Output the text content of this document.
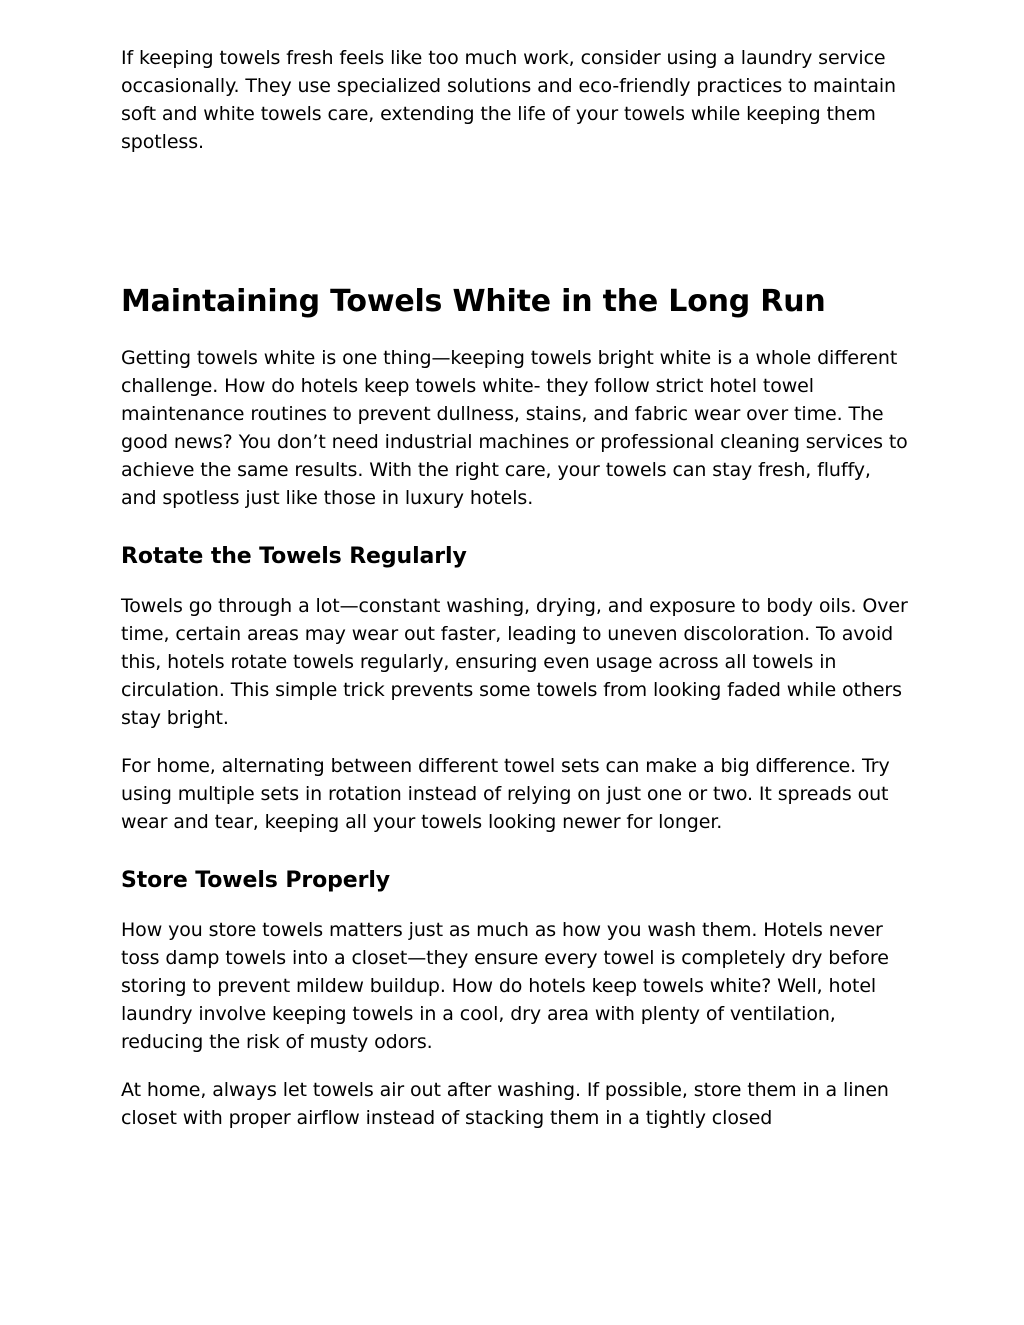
If keeping towels fresh feels like too much work, consider using a laundry service occasionally. They use specialized solutions and eco-friendly practices to maintain soft and white towels care, extending the life of your towels while keeping them spotless.

Maintaining Towels White in the Long Run

Getting towels white is one thing—keeping towels bright white is a whole different challenge. How do hotels keep towels white- they follow strict hotel towel maintenance routines to prevent dullness, stains, and fabric wear over time. The good news? You don’t need industrial machines or professional cleaning services to achieve the same results. With the right care, your towels can stay fresh, fluffy, and spotless just like those in luxury hotels.

Rotate the Towels Regularly

Towels go through a lot—constant washing, drying, and exposure to body oils. Over time, certain areas may wear out faster, leading to uneven discoloration. To avoid this, hotels rotate towels regularly, ensuring even usage across all towels in circulation. This simple trick prevents some towels from looking faded while others stay bright.

For home, alternating between different towel sets can make a big difference. Try using multiple sets in rotation instead of relying on just one or two. It spreads out wear and tear, keeping all your towels looking newer for longer.

Store Towels Properly

How you store towels matters just as much as how you wash them. Hotels never toss damp towels into a closet—they ensure every towel is completely dry before storing to prevent mildew buildup. How do hotels keep towels white? Well, hotel laundry involve keeping towels in a cool, dry area with plenty of ventilation, reducing the risk of musty odors.

At home, always let towels air out after washing. If possible, store them in a linen closet with proper airflow instead of stacking them in a tightly closed
